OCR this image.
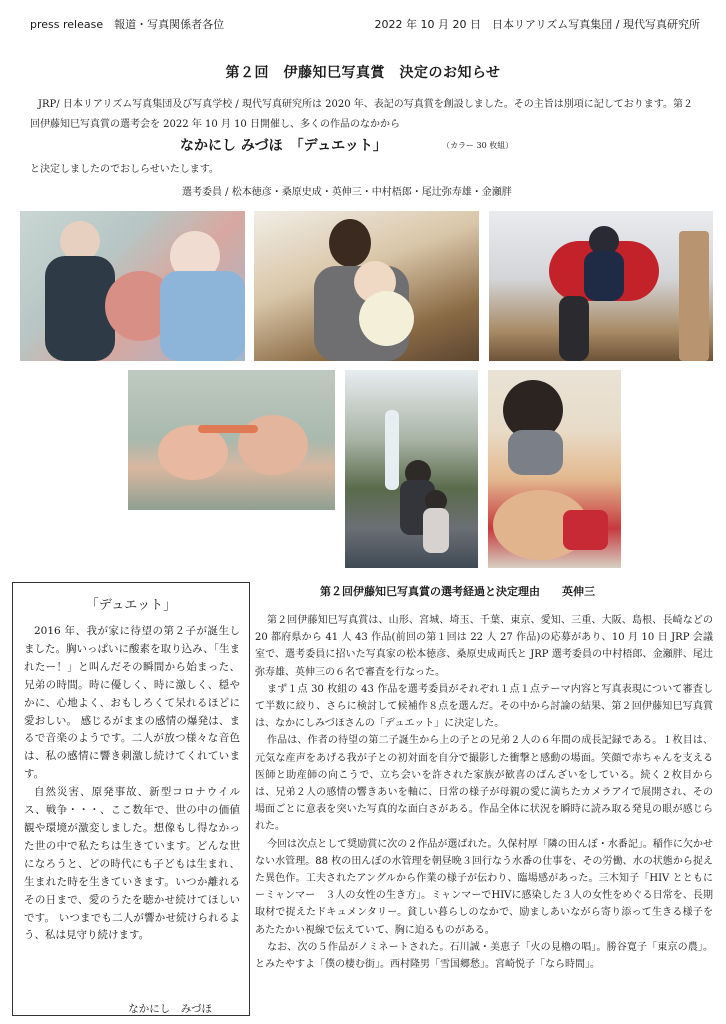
press release　報道・写真関係者各位	2022 年 10 月 20 日　日本リアリズム写真集団 / 現代写真研究所
第２回　伊藤知巳写真賞　決定のお知らせ
JRP/ 日本リアリズム写真集団及び写真学校 / 現代写真研究所は 2020 年、表記の写真賞を創設しました。その主旨は別項に記しております。第２回伊藤知巳写真賞の選考会を 2022 年 10 月 10 日開催し、多くの作品のなかから
なかにし みづほ　「デュエット」	（カラー 30 枚組）
と決定しましたのでおしらせいたします。
選考委員 / 松本徳彦・桑原史成・英伸三・中村梧郎・尾辻弥寿雄・金瀬胖
「デュエット」

2016 年、我が家に待望の第２子が誕生しました。胸いっぱいに酸素を取り込み、「生まれたー！」と叫んだその瞬間から始まった、兄弟の時間。時に優しく、時に激しく、穏やかに、心地よく、おもしろくて呆れるほどに愛おしい。 感じるがままの感情の爆発は、まるで音楽のようです。二人が放つ様々な音色は、私の感情に響き刺激し続けてくれています。

自然災害、原発事故、新型コロナウイルス、戦争・・・、ここ数年で、世の中の価値観や環境が激変しました。想像もし得なかった世の中で私たちは生きています。どんな世になろうと、どの時代にも子どもは生まれ、生まれた時を生きていきます。いつか離れるその日まで、愛のうたを聴かせ続けてほしいです。 いつまでも二人が響かせ続けられるよう、私は見守り続けます。

なかにし　みづほ
第２回伊藤知巳写真賞の選考経過と決定理由　　英伸三

第２回伊藤知巳写真賞は、山形、宮城、埼玉、千葉、東京、愛知、三重、大阪、島根、長崎などの 20 都府県から 41 人 43 作品(前回の第１回は 22 人 27 作品)の応募があり、10 月 10 日 JRP 会議室で、選考委員に招いた写真家の松本徳彦、桑原史成両氏と JRP 選考委員の中村梧郎、金瀬胖、尾辻弥寿雄、英伸三の６名で審査を行なった。

まず１点 30 枚組の 43 作品を選考委員がそれぞれ１点１点テーマ内容と写真表現について審査して半数に絞り、さらに検討して候補作８点を選んだ。その中から討論の結果、第２回伊藤知巳写真賞は、なかにしみづほさんの「デュエット」に決定した。

作品は、作者の待望の第二子誕生から上の子との兄弟２人の６年間の成長記録である。１枚目は、元気な産声をあげる我が子との初対面を自分で撮影した衝撃と感動の場面。笑顔で赤ちゃんを支える医師と助産師の向こうで、立ち会いを許された家族が歓喜のばんざいをしている。続く２枚目からは、兄弟２人の感情の響きあいを軸に、日常の様子が母親の愛に満ちたカメラアイで展開され、その場面ごとに意表を突いた写真的な面白さがある。作品全体に状況を瞬時に読み取る発見の眼が感じられた。

今回は次点として奨励賞に次の２作品が選ばれた。久保村厚「隣の田んぼ・水番記」。稲作に欠かせない水管理。88 枚の田んぼの水管理を朝昼晩３回行なう水番の仕事を、その労働、水の状態から捉えた異色作。工夫されたアングルから作業の様子が伝わり、臨場感があった。三木知子「HIV とともにーミャンマー　３人の女性の生き方」。ミャンマーでHIVに感染した３人の女性をめぐる日常を、長期取材で捉えたドキュメンタリー。貧しい暮らしのなかで、励ましあいながら寄り添って生きる様子をあたたかい視線で伝えていて、胸に迫るものがある。

なお、次の５作品がノミネートされた。石川誠・美恵子「火の見櫓の唱」。勝谷寛子「東京の農」。とみたやすよ「僕の棲む街」。西村隆男「雪国郷愁」。宮崎悦子「なら時間」。
